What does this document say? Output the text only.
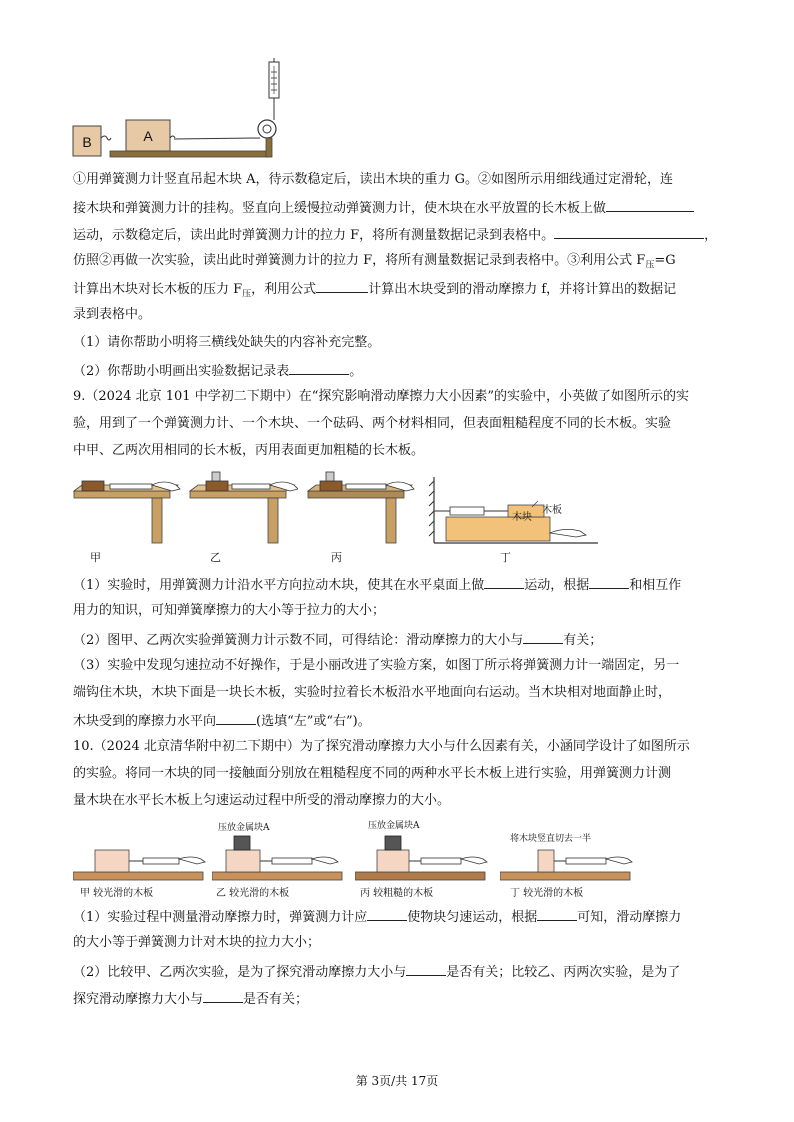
B	A
①用弹簧测力计竖直吊起木块 A，待示数稳定后，读出木块的重力 G。②如图所示用细线通过定滑轮，连
接木块和弹簧测力计的挂构。竖直向上缓慢拉动弹簧测力计，使木块在水平放置的长木板上做
运动，示数稳定后，读出此时弹簧测力计的拉力 F，将所有测量数据记录到表格中。	，
仿照②再做一次实验，读出此时弹簧测力计的拉力 F，将所有测量数据记录到表格中。③利用公式 $F_压=G$
计算出木块对长木板的压力 $F_压$，利用公式	计算出木块受到的滑动摩擦力 f，并将计算出的数据记
录到表格中。
（1）请你帮助小明将三横线处缺失的内容补充完整。
（2）你帮助小明画出实验数据记录表	。
9.（2024 北京 101 中学初二下期中）在“探究影响滑动摩擦力大小因素”的实验中，小英做了如图所示的实
验，用到了一个弹簧测力计、一个木块、一个砝码、两个材料相同，但表面粗糙程度不同的长木板。实验
中甲、乙两次用相同的长木板，丙用表面更加粗糙的长木板。
甲	乙	丙	丁
木块
木板
（1）实验时，用弹簧测力计沿水平方向拉动木块，使其在水平桌面上做	运动，根据	和相互作
用力的知识，可知弹簧摩擦力的大小等于拉力的大小；
（2）图甲、乙两次实验弹簧测力计示数不同，可得结论：滑动摩擦力的大小与	有关；
（3）实验中发现匀速拉动不好操作，于是小丽改进了实验方案，如图丁所示将弹簧测力计一端固定，另一
端钩住木块，木块下面是一块长木板，实验时拉着长木板沿水平地面向右运动。当木块相对地面静止时，
木块受到的摩擦力水平向	(选填“左”或“右”)。
10.（2024 北京清华附中初二下期中）为了探究滑动摩擦力大小与什么因素有关，小涵同学设计了如图所示
的实验。将同一木块的同一接触面分别放在粗糙程度不同的两种水平长木板上进行实验，用弹簧测力计测
量木块在水平长木板上匀速运动过程中所受的滑动摩擦力的大小。
压放金属块A	压放金属块A
将木块竖直切去一半
甲 较光滑的木板	乙 较光滑的木板	丙 较粗糙的木板	丁 较光滑的木板
（1）实验过程中测量滑动摩擦力时，弹簧测力计应	使物块匀速运动，根据	可知，滑动摩擦力
的大小等于弹簧测力计对木块的拉力大小；
（2）比较甲、乙两次实验，是为了探究滑动摩擦力大小与	是否有关；比较乙、丙两次实验，是为了
探究滑动摩擦力大小与	是否有关；
第 3页/共 17页
